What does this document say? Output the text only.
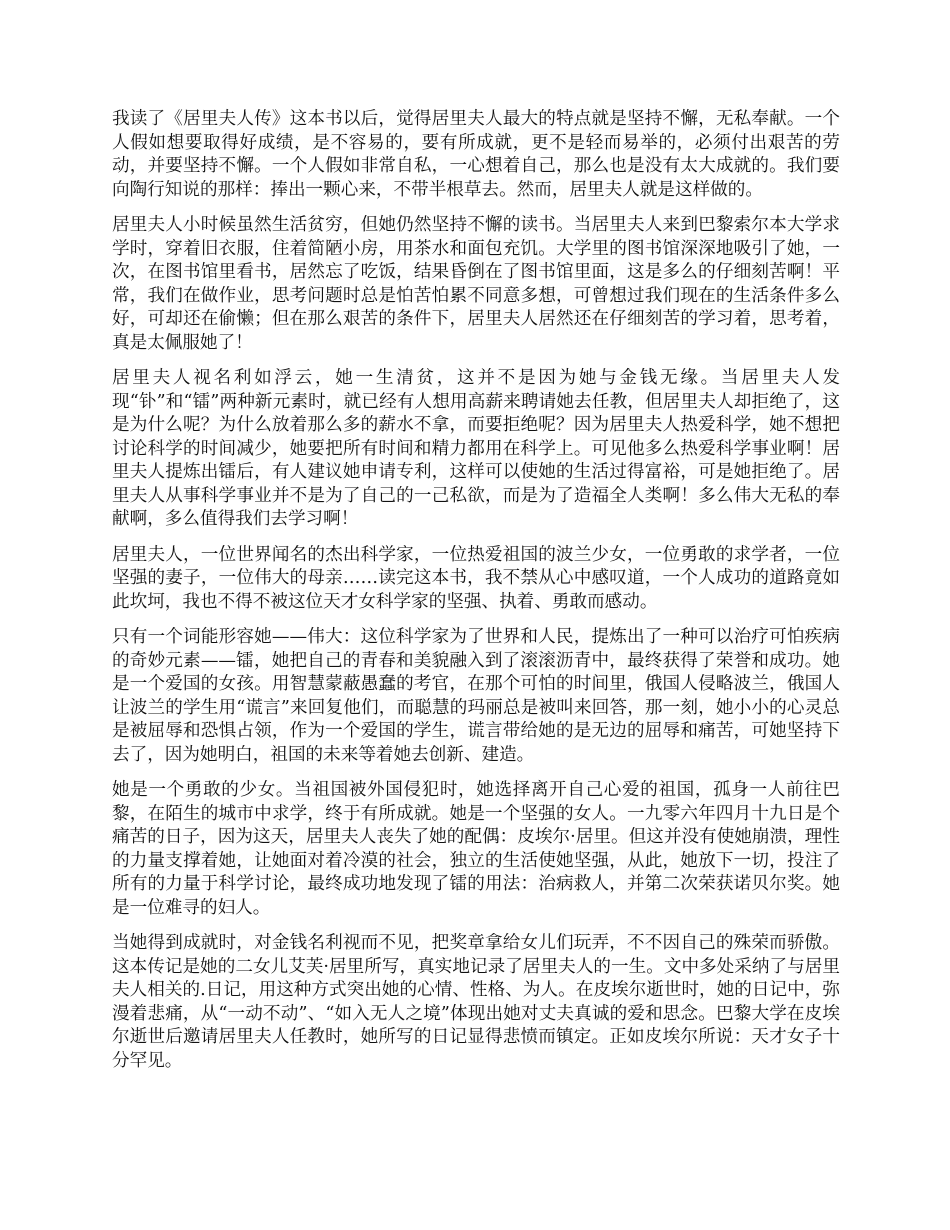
我读了《居里夫人传》这本书以后，觉得居里夫人最大的特点就是坚持不懈，无私奉献。一个人假如想要取得好成绩，是不容易的，要有所成就，更不是轻而易举的，必须付出艰苦的劳动，并要坚持不懈。一个人假如非常自私，一心想着自己，那么也是没有太大成就的。我们要向陶行知说的那样：捧出一颗心来，不带半根草去。然而，居里夫人就是这样做的。

居里夫人小时候虽然生活贫穷，但她仍然坚持不懈的读书。当居里夫人来到巴黎索尔本大学求学时，穿着旧衣服，住着简陋小房，用茶水和面包充饥。大学里的图书馆深深地吸引了她，一次，在图书馆里看书，居然忘了吃饭，结果昏倒在了图书馆里面，这是多么的仔细刻苦啊！平常，我们在做作业，思考问题时总是怕苦怕累不同意多想，可曾想过我们现在的生活条件多么好，可却还在偷懒；但在那么艰苦的条件下，居里夫人居然还在仔细刻苦的学习着，思考着，真是太佩服她了！

居里夫人视名利如浮云，她一生清贫，这并不是因为她与金钱无缘。当居里夫人发现“钋”和“镭”两种新元素时，就已经有人想用高薪来聘请她去任教，但居里夫人却拒绝了，这是为什么呢？为什么放着那么多的薪水不拿，而要拒绝呢？因为居里夫人热爱科学，她不想把讨论科学的时间减少，她要把所有时间和精力都用在科学上。可见他多么热爱科学事业啊！居里夫人提炼出镭后，有人建议她申请专利，这样可以使她的生活过得富裕，可是她拒绝了。居里夫人从事科学事业并不是为了自己的一己私欲，而是为了造福全人类啊！多么伟大无私的奉献啊，多么值得我们去学习啊！

居里夫人，一位世界闻名的杰出科学家，一位热爱祖国的波兰少女，一位勇敢的求学者，一位坚强的妻子，一位伟大的母亲……读完这本书，我不禁从心中感叹道，一个人成功的道路竟如此坎坷，我也不得不被这位天才女科学家的坚强、执着、勇敢而感动。

只有一个词能形容她——伟大：这位科学家为了世界和人民，提炼出了一种可以治疗可怕疾病的奇妙元素——镭，她把自己的青春和美貌融入到了滚滚沥青中，最终获得了荣誉和成功。她是一个爱国的女孩。用智慧蒙蔽愚蠢的考官，在那个可怕的时间里，俄国人侵略波兰，俄国人让波兰的学生用“谎言”来回复他们，而聪慧的玛丽总是被叫来回答，那一刻，她小小的心灵总是被屈辱和恐惧占领，作为一个爱国的学生，谎言带给她的是无边的屈辱和痛苦，可她坚持下去了，因为她明白，祖国的未来等着她去创新、建造。

她是一个勇敢的少女。当祖国被外国侵犯时，她选择离开自己心爱的祖国，孤身一人前往巴黎，在陌生的城市中求学，终于有所成就。她是一个坚强的女人。一九零六年四月十九日是个痛苦的日子，因为这天，居里夫人丧失了她的配偶：皮埃尔·居里。但这并没有使她崩溃，理性的力量支撑着她，让她面对着冷漠的社会，独立的生活使她坚强，从此，她放下一切，投注了所有的力量于科学讨论，最终成功地发现了镭的用法：治病救人，并第二次荣获诺贝尔奖。她是一位难寻的妇人。

当她得到成就时，对金钱名利视而不见，把奖章拿给女儿们玩弄，不不因自己的殊荣而骄傲。这本传记是她的二女儿艾芙·居里所写，真实地记录了居里夫人的一生。文中多处采纳了与居里夫人相关的.日记，用这种方式突出她的心情、性格、为人。在皮埃尔逝世时，她的日记中，弥漫着悲痛，从“一动不动”、“如入无人之境”体现出她对丈夫真诚的爱和思念。巴黎大学在皮埃尔逝世后邀请居里夫人任教时，她所写的日记显得悲愤而镇定。正如皮埃尔所说：天才女子十分罕见。
